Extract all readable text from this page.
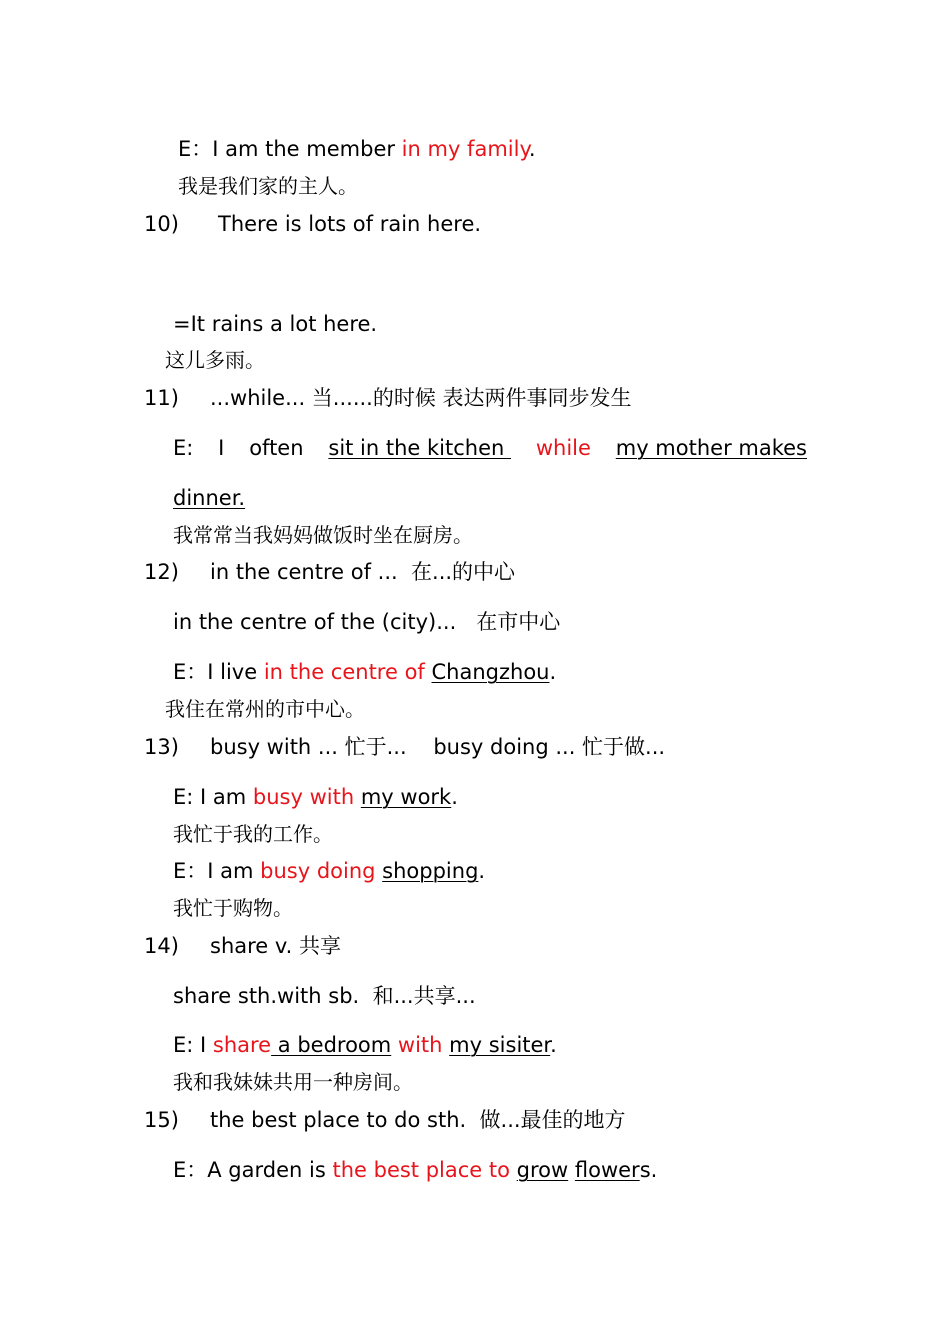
E：I am the member in my family.
我是我们家的主人。
10) There is lots of rain here.
=It rains a lot here.
这儿多雨。
11) ...while... 当......的时候 表达两件事同步发生
E: I often sit in the kitchen while my mother makes
dinner.
我常常当我妈妈做饭时坐在厨房。
12) in the centre of ...  在...的中心
in the centre of the (city)...   在市中心
E：I live in the centre of Changzhou.
我住在常州的市中心。
13) busy with ... 忙于...    busy doing ... 忙于做...
E: I am busy with my work.
我忙于我的工作。
E：I am busy doing shopping.
我忙于购物。
14) share v. 共享
share sth.with sb.  和...共享...
E: I share a bedroom with my sisiter.
我和我妹妹共用一种房间。
15) the best place to do sth.  做...最佳的地方
E：A garden is the best place to grow flowers.
